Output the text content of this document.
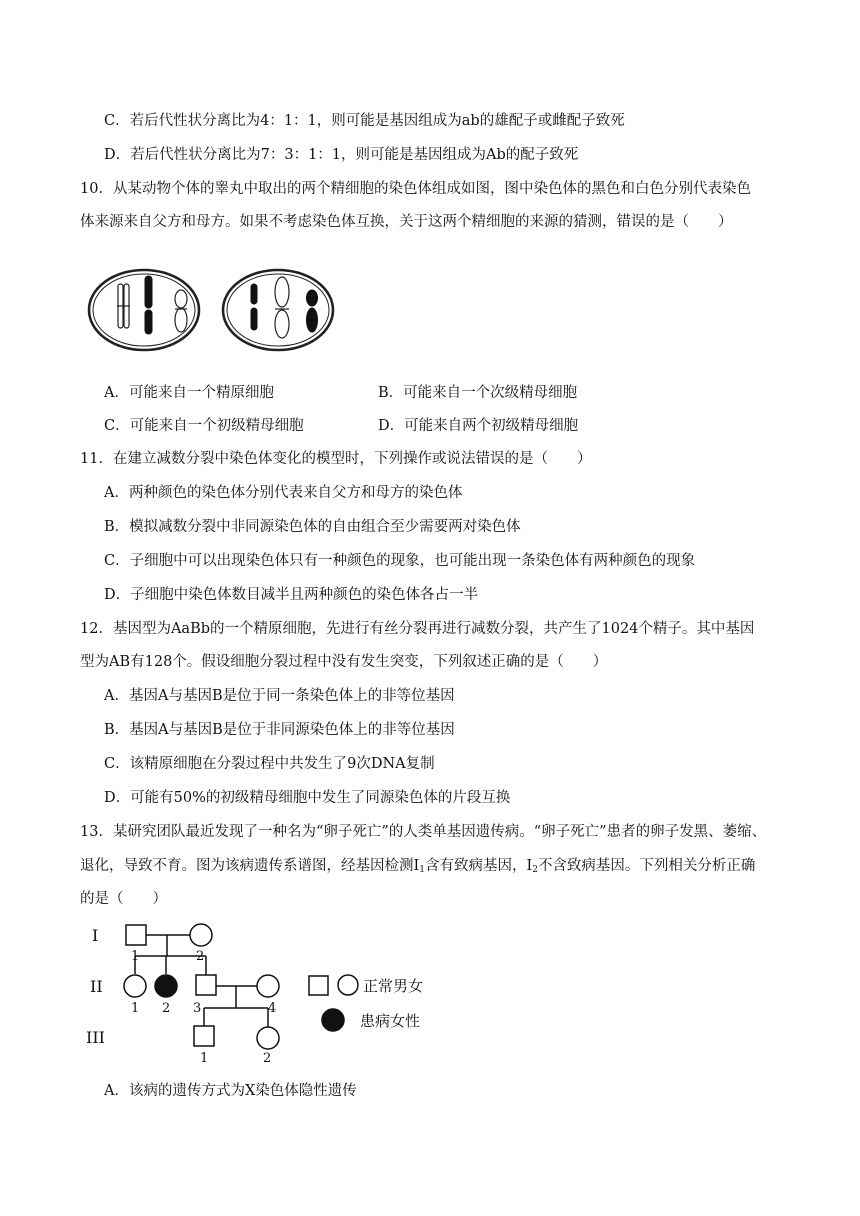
C．若后代性状分离比为4：1：1，则可能是基因组成为ab的雄配子或雌配子致死
D．若后代性状分离比为7：3：1：1，则可能是基因组成为Ab的配子致死
10．从某动物个体的睾丸中取出的两个精细胞的染色体组成如图，图中染色体的黑色和白色分别代表染色
体来源来自父方和母方。如果不考虑染色体互换，关于这两个精细胞的来源的猜测，错误的是（　　）
A．可能来自一个精原细胞	B．可能来自一个次级精母细胞
C．可能来自一个初级精母细胞	D．可能来自两个初级精母细胞
11．在建立减数分裂中染色体变化的模型时，下列操作或说法错误的是（　　）
A．两种颜色的染色体分别代表来自父方和母方的染色体
B．模拟减数分裂中非同源染色体的自由组合至少需要两对染色体
C．子细胞中可以出现染色体只有一种颜色的现象，也可能出现一条染色体有两种颜色的现象
D．子细胞中染色体数目减半且两种颜色的染色体各占一半
12．基因型为AaBb的一个精原细胞，先进行有丝分裂再进行减数分裂，共产生了1024个精子。其中基因
型为AB有128个。假设细胞分裂过程中没有发生突变，下列叙述正确的是（　　）
A．基因A与基因B是位于同一条染色体上的非等位基因
B．基因A与基因B是位于非同源染色体上的非等位基因
C．该精原细胞在分裂过程中共发生了9次DNA复制
D．可能有50%的初级精母细胞中发生了同源染色体的片段互换
13．某研究团队最近发现了一种名为“卵子死亡”的人类单基因遗传病。“卵子死亡”患者的卵子发黑、萎缩、
退化，导致不育。图为该病遗传系谱图，经基因检测$I_1$含有致病基因，$I_2$不含致病基因。下列相关分析正确
的是（　　）
I
II
III
1	2
1 2 3	4
1	2
正常男女
患病女性
A．该病的遗传方式为X染色体隐性遗传
